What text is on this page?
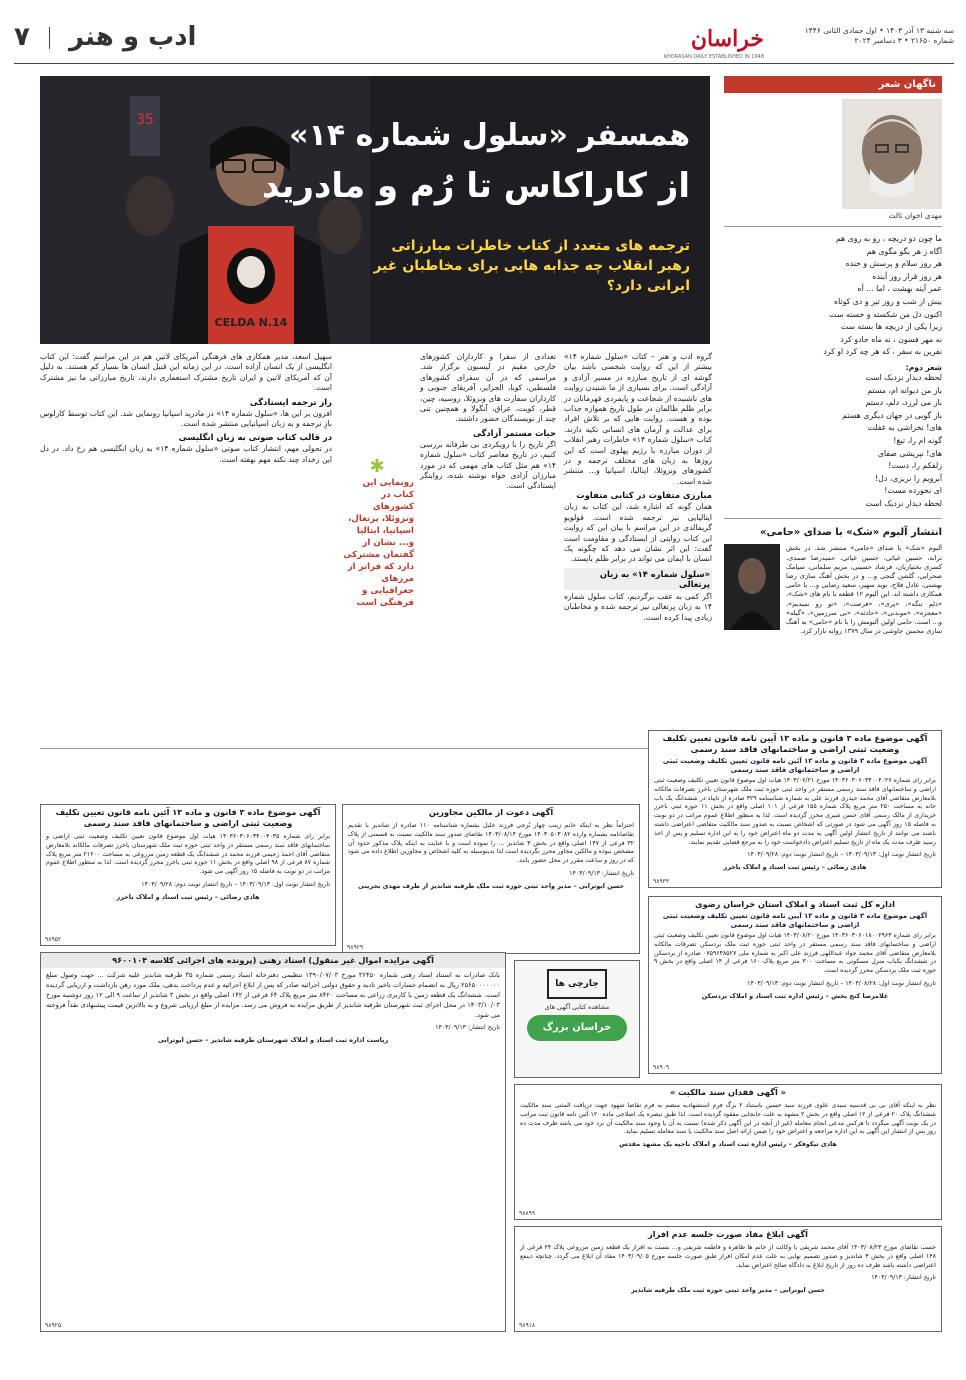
سه شنبه ۱۳ آذر ۱۴۰۳ • اول جمادی الثانی ۱۴۴۶
شماره ۲۱۶۵۰ • ۳ دسامبر ۲۰۲۴
خراسان
KHORASAN DAILY ESTABLISHED IN 1948
ادب و هنر  ۷
35
CELDA N.14
همسفر «سلول شماره ۱۴»
از کاراکاس تا رُم و مادرید
ترجمه های متعدد از کتاب خاطرات مبارزاتی رهبر انقلاب چه جذابه هایی برای مخاطبان غیر ایرانی دارد؟
ناگهان شعر
مهدی اخوان ثالث
ما چون دو دریچه ، رو به روی هم
آگاه ز هر بگو مگوی هم
هر روز سلام و پرسش و خنده
هر روز قرار روز آینده
عمر آینه بهشت ، اما ... آه
بیش از شب و روز تیر و دی کوتاه
اکنون دل من شکسته و خسته ست
زیرا یکی از دریچه ها بسته ست
نه مهر فسون ، نه ماه جادو کرد
نفرین به سفر ، که هر چه کرد او کرد
شعر دوم:
لحظه دیدار نزدیک است
باز من دیوانه ام، مستم
باز می لرزد، دلم، دستم
باز گویی در جهان دیگری هستم
های! نخراشی به غفلت
گونه ام را، تیغ!
های! نپریشی صفای
زلفکم را، دست!
آبرویم را نریزی، دل!
ای نخورده مست!
لحظه دیدار نزدیک است
انتشار آلبوم «شک» با صدای «حامی»
آلبوم «شک» با صدای «حامی» منتشر شد. در بخش ترانه، حسین غیاثی، حسین غیاثی، حمیدرضا صمدی، کسری بختیاریان، فرشاد حسینی، مریم سلمانی، سیامک صحرایی، گلشن گنجی و... و در بخش آهنگ سازی رضا بهشتی، عادل فلاح، نوید سهیر، سعید رضایی و... با حامی همکاری داشته اند. این آلبوم ۱۲ قطعه با نام های «شک»، «دلم تنگه»، «پری»، «فرصت»، «تو رو نمیدیم»، «معجزه»، «موندنی»، «حادثه»، «بی سرزمین»، «گیله» و... است. حامی اولین آلبومش را با نام «حامی» به آهنگ سازی محسن چاوشی در سال ۱۳۷۹ روانه بازار کرد.
گروه ادب و هنر – کتاب «سلول شماره ۱۴» بیشتر از این که روایت شخصی باشد بیان گوشه ای از تاریخ مبارزه در مسیر آزادی و آزادگی است. برای بسیاری از ما شنیدن روایت های ناشنیده از شجاعت و پایمردی قهرمانان در برابر ظلم ظالمان در طول تاریخ همواره جذاب بوده و هست. روایت هایی که بر تلاش افراد برای عدالت و آرمان های انسانی تکیه دارند. کتاب «سلول شماره ۱۴» خاطرات رهبر انقلاب از دوران مبارزه با رژیم پهلوی است که این روزها به زبان های مختلف ترجمه و در کشورهای ونزوئلا، ایتالیا، اسپانیا و... منتشر شده است.
مبارزی متفاوت در کتابی متفاوت
همان گونه که اشاره شد، این کتاب به زبان ایتالیایی نیز ترجمه شده است. فولویو گریمالدی در این مراسم با بیان این که روایت این کتاب روایتی از ایستادگی و مقاومت است گفت: این اثر نشان می دهد که چگونه یک انسان با ایمان می تواند در برابر ظلم بایستد.
«سلول شماره ۱۴» به زبان پرتغالی
اگر کمی به عقب برگردیم، کتاب سلول شماره ۱۴ به زبان پرتغالی نیز ترجمه شده و مخاطبان زیادی پیدا کرده است.
تعدادی از سفرا و کاردارِان کشورهای خارجی مقیم در لیسبون برگزار شد. مراسمی که در آن سفرای کشورهای فلسطین، کوبا، الجزایر، آفریقای جنوبی و کارداران سفارت های ونزوئلا، روسیه، چین، قطر، کویت، عراق، آنگولا و همچنین تنی چند از نویسندگان حضور داشتند.
حیات مستمر آزادگی
اگر تاریخ را با رویکردی بی طرفانه بررسی کنیم، در تاریخ معاصر کتاب «سلول شماره ۱۴» هم مثل کتاب های مهمی که در مورد مبارزان آزادی خواه نوشته شده، روایتگر ایستادگی است.
✱
رونمایی این کتاب در کشورهای ونزوئلا، پرتغال، اسپانیا، ایتالیا و... نشان از گفتمان مشترکی دارد که فراتر از مرزهای جغرافیایی و فرهنگی است
سهیل اسعد، مدیر همکاری های فرهنگی آمریکای لاتین هم در این مراسم گفت: این کتاب انگلیسی از یک انسان آزاده است. در این زمانه این قبیل انسان ها بسیار کم هستند. به دلیل آن که آمریکای لاتین و ایران تاریخ مشترک استعماری دارند، تاریخ مبارزاتی ما نیز مشترک است.
راز ترجمه ایستادگی
افزون بر این ها، «سلول شماره ۱۴» در مادرید اسپانیا رونمایی شد. این کتاب توسط کارلوس بازِ ترجمه و به زبان اسپانیایی منتشر شده است.
در قالب کتاب صوتی به زبان انگلیسی
در تحولی مهم، انتشار کتاب صوتی «سلول شماره ۱۴» به زبان انگلیسی هم رخ داد. در دل این رخداد چند نکته مهم نهفته است.
آگهی موضوع ماده ۳ قانون و ماده ۱۳ آیین نامه قانون تعیین تکلیف وضعیت ثبتی اراضی و ساختمانهای فاقد سند رسمی
آگهی موضوع ماده ۳ قانون و ماده ۱۳ آئین نامه قانون تعیین تکلیف وضعیت ثبتی اراضی و ساختمانهای فاقد سند رسمی
برابر رای شماره ۱۴۰۳۶۰۳۰۶۰۳۴۰۰۴۰۲۷ مورخ ۱۴۰۳/۰۷/۲۱ هیات اول موضوع قانون تعیین تکلیف وضعیت ثبتی اراضی و ساختمانهای فاقد سند رسمی مستقر در واحد ثبتی حوزه ثبت ملک شهرستان باخرز تصرفات مالکانه بلامعارض متقاضی آقای محمد حیدری فرزند علی به شماره شناسنامه ۳۲۹ صادره از تایباد در ششدانگ یک باب خانه به مساحت ۲۵۰ متر مربع پلاک شماره ۱۵۵ فرعی از ۱۰۱ اصلی واقع در بخش ۱۱ حوزه ثبتی باخرز خریداری از مالک رسمی آقای حسن شیری محرز گردیده است. لذا به منظور اطلاع عموم مراتب در دو نوبت به فاصله ۱۵ روز آگهی می شود در صورتی که اشخاص نسبت به صدور سند مالکیت متقاضی اعتراضی داشته باشند می توانند از تاریخ انتشار اولین آگهی به مدت دو ماه اعتراض خود را به این اداره تسلیم و پس از اخذ رسید ظرف مدت یک ماه از تاریخ تسلیم اعتراض دادخواست خود را به مرجع قضایی تقدیم نمایند.
تاریخ انتشار نوبت اول: ۱۴۰۳/۰۹/۱۳ – تاریخ انتشار نوبت دوم: ۱۴۰۳/۰۹/۲۸
هادی رضائی – رئیس ثبت اسناد و املاک باخرز
۹۸۹۳۳
اداره کل ثبت اسناد و املاک استان خراسان رضوی
آگهی موضوع ماده ۳ قانون و ماده ۱۳ آیین نامه قانون تعیین تکلیف وضعیت ثبتی اراضی و ساختمانهای فاقد سند رسمی
برابر رای شماره ۱۴۰۳۶۰۳۰۶۰۱۸۰۰۲۹۶۳ مورخ ۱۴۰۳/۰۸/۲۰ هیات اول موضوع قانون تعیین تکلیف وضعیت ثبتی اراضی و ساختمانهای فاقد سند رسمی مستقر در واحد ثبتی حوزه ثبت ملک بردسکن تصرفات مالکانه بلامعارض متقاضی آقای محمد جواد عبداللهی فرزند علی اکبر به شماره ملی ۰۷۵۹۶۴۸۵۲۷ صادره از بردسکن در ششدانگ یکباب منزل مسکونی به مساحت ۳۰۰ متر مربع پلاک ۱۶۰ فرعی از ۱۴ اصلی واقع در بخش ۹ حوزه ثبت ملک بردسکن محرز گردیده است.
تاریخ انتشار نوبت اول: ۱۴۰۳/۰۸/۲۸ – تاریخ انتشار نوبت دوم: ۱۴۰۳/۰۹/۱۳
غلامرضا کنج بخش – رئیس اداره ثبت اسناد و املاک بردسکن
۹۸۹۰۹
آگهی دعوت از مالکین مجاورین
احتراماً نظر به اینکه خانم زینب چهار بُرجی فرزند خلیل بشماره شناسنامه ۱۱۰ صادره از شاندیز با تقدیم تقاضانامه بشماره وارده ۱۴۰۳۰۵۰۳۰۸۲ مورخ ۱۴۰۳/۰۸/۱۴ تقاضای صدور سند مالکیت نسبت به قسمتی از پلاک ۳۲ فرعی از ۱۴۷ اصلی واقع در بخش ۳ شاندیز ... را نموده است و با عنایت به اینکه پلاک مذکور حدود آن مشخص نبوده و مالکین مجاور محرز نگردیده است لذا بدینوسیله به کلیه اشخاص و مجاورین اطلاع داده می شود که در روز و ساعت مقرر در محل حضور یابند.
تاریخ انتشار: ۱۴۰۳/۰۹/۱۳
حسن ابوترابی – مدیر واحد ثبتی حوزه ثبت ملک طرقبه شاندیز از طرف مهدی بحرینی
۹۸۹۲۹
آگهی موضوع ماده ۳ قانون و ماده ۱۳ آئین نامه قانون تعیین تکلیف وضعیت ثبتی اراضی و ساختمانهای فاقد سند رسمی
برابر رای شماره ۱۴۰۳۶۰۳۰۶۰۳۴۰۰۴۰۳۵ هیات اول موضوع قانون تعیین تکلیف وضعیت ثبتی اراضی و ساختمانهای فاقد سند رسمی مستقر در واحد ثبتی حوزه ثبت ملک شهرستان باخرز تصرفات مالکانه بلامعارض متقاضی آقای احمد رحیمی فرزند محمد در ششدانگ یک قطعه زمین مزروعی به مساحت ۲۱۲۰۰ متر مربع پلاک شماره ۸۷ فرعی از ۹۸ اصلی واقع در بخش ۱۱ حوزه ثبتی باخرز محرز گردیده است. لذا به منظور اطلاع عموم مراتب در دو نوبت به فاصله ۱۵ روز آگهی می شود.
تاریخ انتشار نوبت اول: ۱۴۰۳/۰۹/۱۳ – تاریخ انتشار نوبت دوم: ۱۴۰۳/۰۹/۲۸
هادی رضائی – رئیس ثبت اسناد و املاک باخرز
۹۸۹۵۲
جارچی ها
مشاهده کتابی آگهی های
خراسان بزرگ
آگهی مزایده اموال غیر منقول) اسناد رهنی (پرونده های اجرائی کلاسه ۹۶۰۰۱۰۴
بانک صادرات به استناد اسناد رهنی شماره ۳۶۴۵۰ مورخ ۱۳۹۰/۰۷/۰۳ تنظیمی دفترخانه اسناد رسمی شماره ۳۵ طرقبه شاندیز علیه شرکت ... جهت وصول مبلغ ۲۵۶۵۰۰۰۰۰۰۰ ریال به انضمام خسارات تاخیر تادیه و حقوق دولتی اجرائیه صادر که پس از ابلاغ اجرائیه و عدم پرداخت بدهی، ملک مورد رهن بازداشت و ارزیابی گردیده است. ششدانگ یک قطعه زمین با کاربری زراعی به مساحت ۸۴۲۰ متر مربع پلاک ۶۴ فرعی از ۱۴۲ اصلی واقع در بخش ۳ شاندیز از ساعت ۹ الی ۱۲ روز دوشنبه مورخ ۱۴۰۳/۱۰/۰۳ در محل اجرای ثبت شهرستان طرقبه شاندیز از طریق مزایده به فروش می رسد. مزایده از مبلغ ارزیابی شروع و به بالاترین قیمت پیشنهادی نقداً فروخته می شود.
تاریخ انتشار: ۱۴۰۳/۰۹/۱۳
ریاست اداره ثبت اسناد و املاک شهرستان طرقبه شاندیز – حسن ابوترابی
۹۸۹۲۵
« آگهی فقدان سند مالکیت »
نظر به اینکه آقای بی بی قدسیه سیدی علوی فرزند سید حسین باستناد ۲ برگ فرم استشهادیه منضم به فرم تقاضا شهود جهت دریافت المثنی سند مالکیت ششدانگ پلاک ۲۰ فرعی از ۱۲ اصلی واقع در بخش ۲ مشهد به علت جابجایی مفقود گردیده است. لذا طبق تبصره یک اصلاحی ماده ۱۲۰ آئین نامه قانون ثبت مراتب در یک نوبت آگهی میگردد تا هرکس مدعی انجام معامله (غیر از آنچه در این آگهی ذکر شده) نسبت به آن یا وجود سند مالکیت آن نزد خود می باشد ظرف مدت ده روز پس از انتشار این آگهی به این اداره مراجعه و اعتراض خود را ضمن ارائه اصل سند مالکیت یا سند معامله تسلیم نماید.
هادی نیکوفکر – رئیس اداره ثبت اسناد و املاک ناحیه یک مشهد مقدس
۹۸۸۹۹
آگهی ابلاغ مفاد صورت جلسه عدم افراز
حسب تقاضای مورخ ۱۴۰۳/۰۸/۲۳ آقای محمد شریفی با وکالت از خانم ها طاهره و فاطمه شریفی و... نسبت به افراز یک قطعه زمین مزروعی پلاک ۲۴ فرعی از ۱۴۸ اصلی واقع در بخش ۳ شاندیز و صدور تصمیم نهایی به علت عدم امکان افراز طبق صورت جلسه مورخ ۱۴۰۳/۰۹/۰۵ مفاد آن ابلاغ می گردد. چنانچه ذینفع اعتراضی داشته باشد ظرف ده روز از تاریخ ابلاغ به دادگاه صالح اعتراض نماید.
تاریخ انتشار: ۱۴۰۳/۰۹/۱۳
حسن ابوترابی – مدیر واحد ثبتی حوزه ثبت ملک طرقبه شاندیز
۹۸۹۱۸
